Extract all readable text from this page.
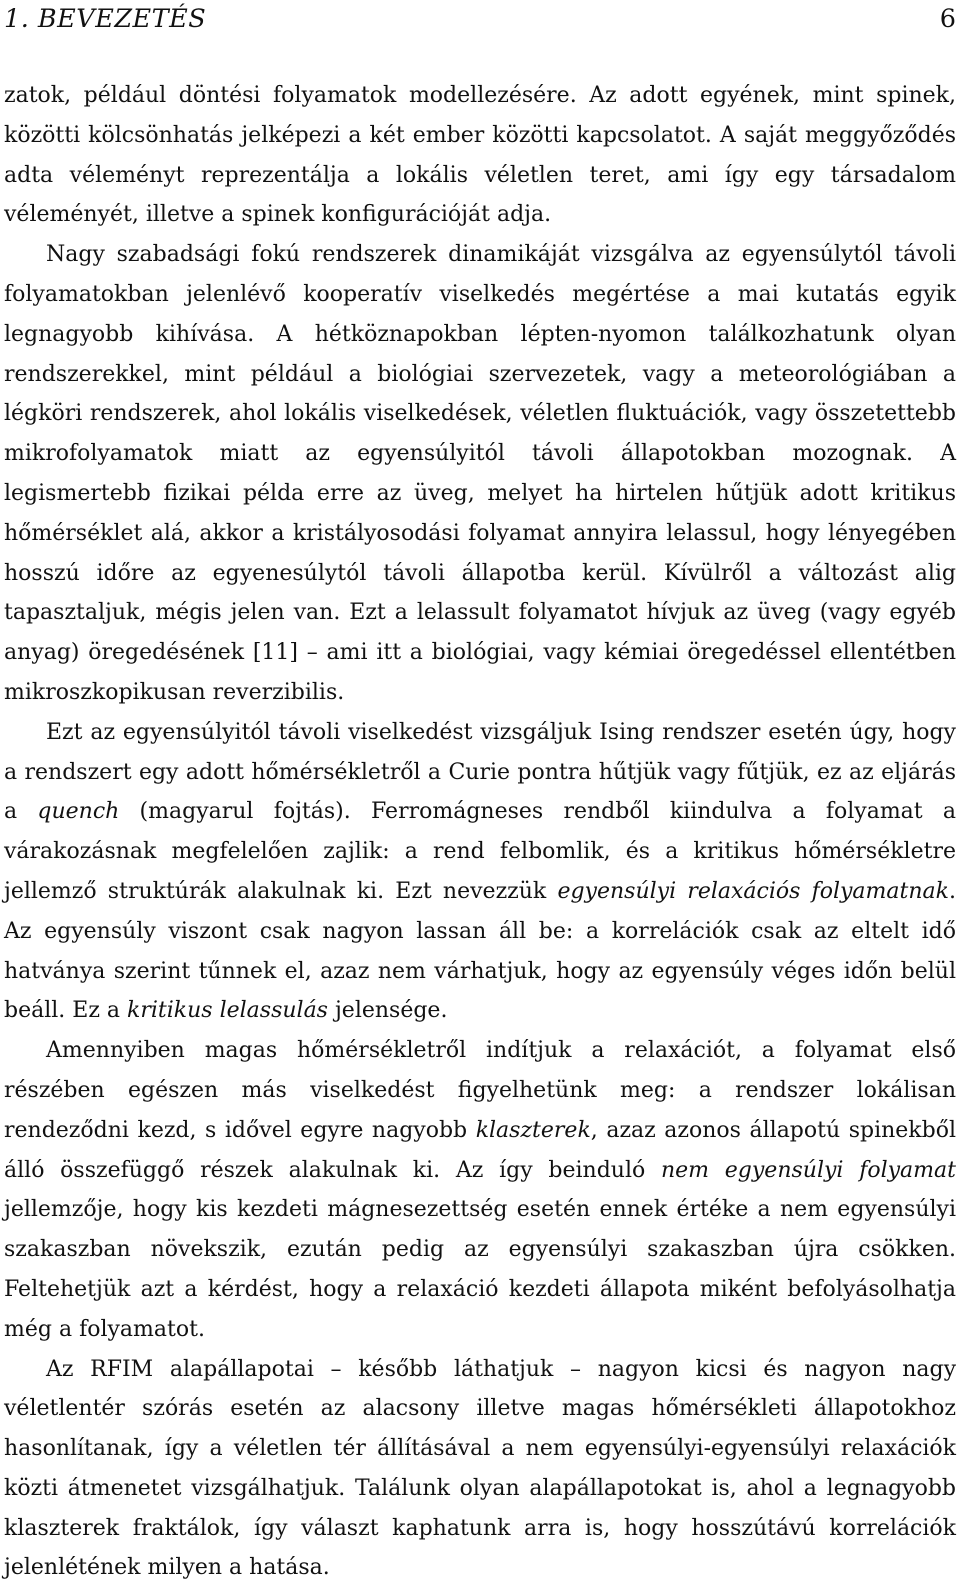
1. BEVEZETÉS	6

zatok, például döntési folyamatok modellezésére. Az adott egyének, mint spinek, közötti kölcsönhatás jelképezi a két ember közötti kapcsolatot. A saját meggyőződés adta véleményt reprezentálja a lokális véletlen teret, ami így egy társadalom véleményét, illetve a spinek konfigurációját adja.

Nagy szabadsági fokú rendszerek dinamikáját vizsgálva az egyensúlytól távoli folyamatokban jelenlévő kooperatív viselkedés megértése a mai kutatás egyik legnagyobb kihívása. A hétköznapokban lépten-nyomon találkozhatunk olyan rendszerekkel, mint például a biológiai szervezetek, vagy a meteorológiában a légköri rendszerek, ahol lokális viselkedések, véletlen fluktuációk, vagy összetettebb mikrofolyamatok miatt az egyensúlyitól távoli állapotokban mozognak. A legismertebb fizikai példa erre az üveg, melyet ha hirtelen hűtjük adott kritikus hőmérséklet alá, akkor a kristályosodási folyamat annyira lelassul, hogy lényegében hosszú időre az egyenesúlytól távoli állapotba kerül. Kívülről a változást alig tapasztaljuk, mégis jelen van. Ezt a lelassult folyamatot hívjuk az üveg (vagy egyéb anyag) öregedésének [11] – ami itt a biológiai, vagy kémiai öregedéssel ellentétben mikroszkopikusan reverzibilis.

Ezt az egyensúlyitól távoli viselkedést vizsgáljuk Ising rendszer esetén úgy, hogy a rendszert egy adott hőmérsékletről a Curie pontra hűtjük vagy fűtjük, ez az eljárás a quench (magyarul fojtás). Ferromágneses rendből kiindulva a folyamat a várakozásnak megfelelően zajlik: a rend felbomlik, és a kritikus hőmérsékletre jellemző struktúrák alakulnak ki. Ezt nevezzük egyensúlyi relaxációs folyamatnak. Az egyensúly viszont csak nagyon lassan áll be: a korrelációk csak az eltelt idő hatványa szerint tűnnek el, azaz nem várhatjuk, hogy az egyensúly véges időn belül beáll. Ez a kritikus lelassulás jelensége.

Amennyiben magas hőmérsékletről indítjuk a relaxációt, a folyamat első részében egészen más viselkedést figyelhetünk meg: a rendszer lokálisan rendeződni kezd, s idővel egyre nagyobb klaszterek, azaz azonos állapotú spinekből álló összefüggő részek alakulnak ki. Az így beinduló nem egyensúlyi folyamat jellemzője, hogy kis kezdeti mágnesezettség esetén ennek értéke a nem egyensúlyi szakaszban növekszik, ezután pedig az egyensúlyi szakaszban újra csökken. Feltehetjük azt a kérdést, hogy a relaxáció kezdeti állapota miként befolyásolhatja még a folyamatot.

Az RFIM alapállapotai – később láthatjuk – nagyon kicsi és nagyon nagy véletlentér szórás esetén az alacsony illetve magas hőmérsékleti állapotokhoz hasonlítanak, így a véletlen tér állításával a nem egyensúlyi-egyensúlyi relaxációk közti átmenetet vizsgálhatjuk. Találunk olyan alapállapotokat is, ahol a legnagyobb klaszterek fraktálok, így választ kaphatunk arra is, hogy hosszútávú korrelációk jelenlétének milyen a hatása.
